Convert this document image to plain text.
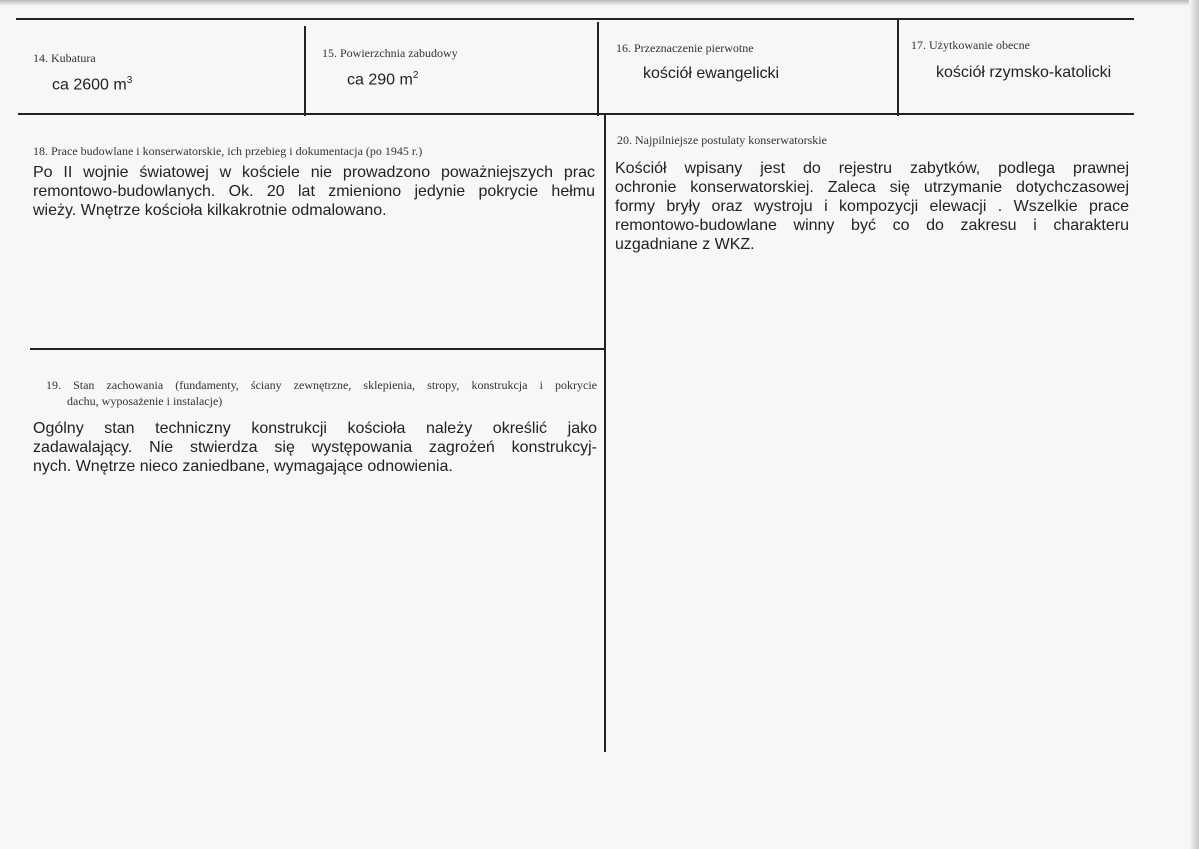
14. Kubatura
ca 2600 $m^3$
15. Powierzchnia zabudowy
ca 290 $m^2$
16. Przeznaczenie pierwotne
kościół ewangelicki
17. Użytkowanie obecne
kościół rzymsko-katolicki
18. Prace budowlane i konserwatorskie, ich przebieg i dokumentacja (po 1945 r.)
Po II wojnie światowej w kościele nie prowadzono poważniejszych prac
remontowo-budowlanych. Ok. 20 lat zmieniono jedynie pokrycie hełmu
wieży. Wnętrze kościoła kilkakrotnie odmalowano.
19. Stan zachowania (fundamenty, ściany zewnętrzne, sklepienia, stropy, konstrukcja i pokrycie
dachu, wyposażenie i instalacje)
Ogólny stan techniczny konstrukcji kościoła należy określić jako
zadawalający. Nie stwierdza się występowania zagrożeń konstrukcyj-
nych. Wnętrze nieco zaniedbane, wymagające odnowienia.
20. Najpilniejsze postulaty konserwatorskie
Kościół wpisany jest do rejestru zabytków, podlega prawnej
ochronie konserwatorskiej. Zaleca się utrzymanie dotychczasowej
formy bryły oraz wystroju i kompozycji elewacji . Wszelkie prace
remontowo-budowlane winny być co do zakresu i charakteru
uzgadniane z WKZ.
